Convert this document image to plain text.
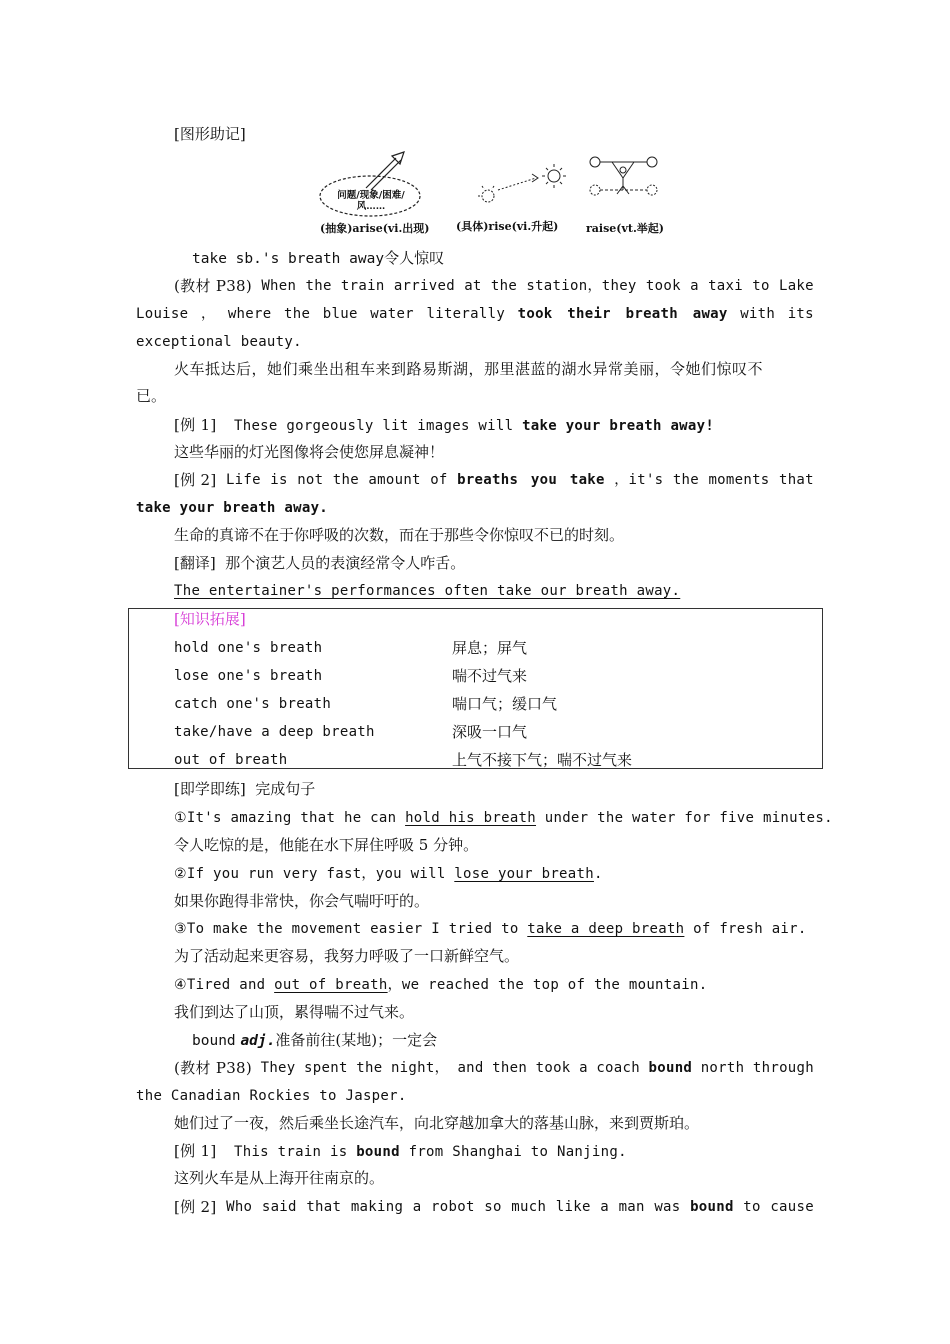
[图形助记]
问题/现象/困难/
风……
(抽象)arise(vi.出现) (具体)rise(vi.升起)	raise(vt.举起)
take sb.'s breath away令人惊叹
(教材 P38) When the train arrived at the station，they took a taxi to Lake
Louise ， where the blue water literally took their breath away with its
exceptional beauty.
火车抵达后，她们乘坐出租车来到路易斯湖，那里湛蓝的湖水异常美丽，令她们惊叹不
已。
[例 1] These gorgeously lit images will take your breath away!
这些华丽的灯光图像将会使您屏息凝神！
[例 2] Life is not the amount of breaths you take ，it's the moments that
take your breath away.
生命的真谛不在于你呼吸的次数，而在于那些令你惊叹不已的时刻。
[翻译] 那个演艺人员的表演经常令人咋舌。
The entertainer's performances often take our breath away.
[知识拓展]
hold one's breath	屏息；屏气
lose one's breath	喘不过气来
catch one's breath	喘口气；缓口气
take/have a deep breath	深吸一口气
out of breath	上气不接下气；喘不过气来
[即学即练] 完成句子
①It's amazing that he can hold his breath under the water for five minutes.
令人吃惊的是，他能在水下屏住呼吸 5 分钟。
②If you run very fast，you will lose your breath.
如果你跑得非常快，你会气喘吁吁的。
③To make the movement easier I tried to take a deep breath of fresh air.
为了活动起来更容易，我努力呼吸了一口新鲜空气。
④Tired and out of breath，we reached the top of the mountain.
我们到达了山顶，累得喘不过气来。
bound adj.准备前往(某地)；一定会
(教材 P38) They spent the night， and then took a coach bound north through
the Canadian Rockies to Jasper.
她们过了一夜，然后乘坐长途汽车，向北穿越加拿大的落基山脉，来到贾斯珀。
[例 1] This train is bound from Shanghai to Nanjing.
这列火车是从上海开往南京的。
[例 2] Who said that making a robot so much like a man was bound to cause
